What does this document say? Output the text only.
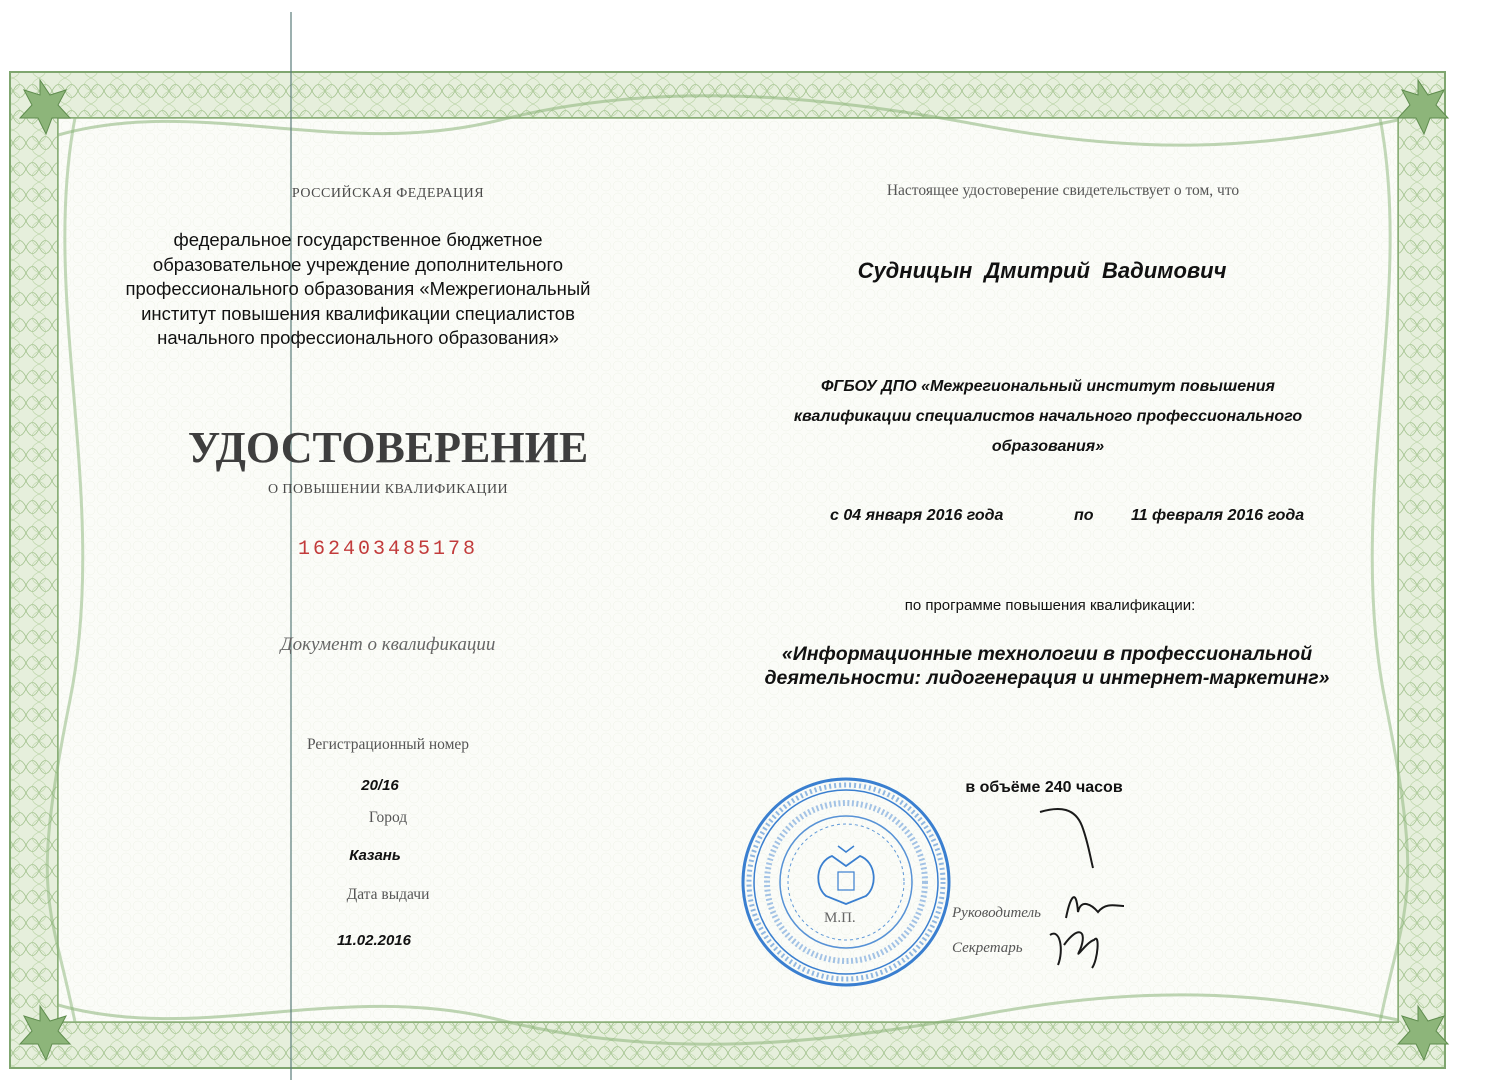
РОССИЙСКАЯ ФЕДЕРАЦИЯ
федеральное государственное бюджетное образовательное учреждение дополнительного профессионального образования «Межрегиональный институт повышения квалификации специалистов начального профессионального образования»
УДОСТОВЕРЕНИЕ
О ПОВЫШЕНИИ КВАЛИФИКАЦИИ
162403485178
Документ о квалификации
Регистрационный номер
20/16
Город
Казань
Дата выдачи
11.02.2016
Настоящее удостоверение свидетельствует о том, что
Судницын Дмитрий Вадимович
ФГБОУ ДПО «Межрегиональный институт повышения квалификации специалистов начального профессионального образования»
с 04 января 2016 года	по 11 февраля 2016 года
по программе повышения квалификации:
«Информационные технологии в профессиональной деятельности: лидогенерация и интернет-маркетинг»
в объёме 240 часов
М.П.	Руководитель
Секретарь
